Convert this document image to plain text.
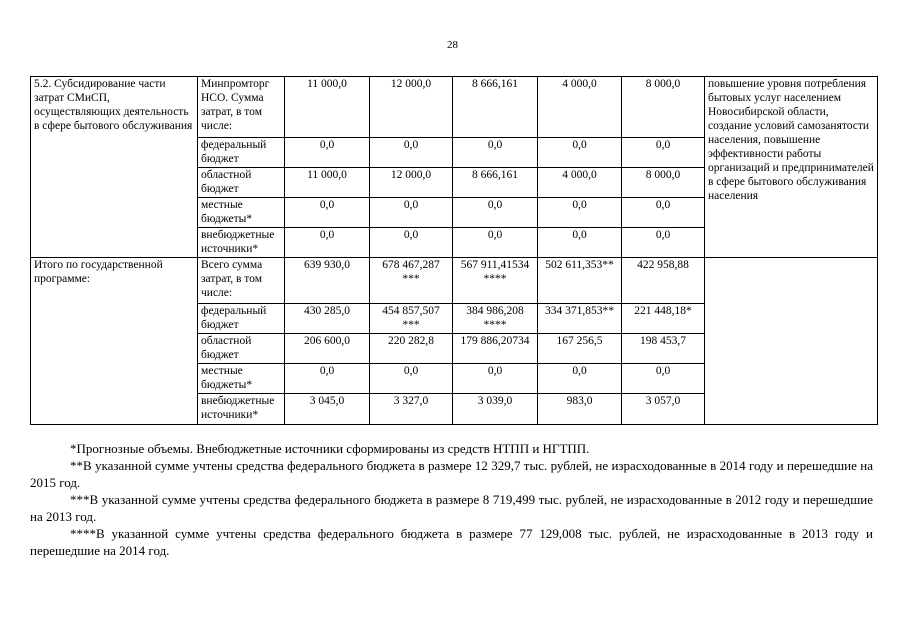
28
5.2. Субсидирование части затрат СМиСП, осуществляющих деятельность в сфере бытового обслуживания	Минпромторг НСО. Сумма затрат, в том числе:	11 000,0	12 000,0	8 666,161	4 000,0	8 000,0	повышение уровня потребления бытовых услуг населением Новосибирской области, создание условий самозанятости населения, повышение эффективности работы организаций и предпринимателей в сфере бытового обслуживания населения
	федеральный бюджет	0,0	0,0	0,0	0,0	0,0	
	областной бюджет	11 000,0	12 000,0	8 666,161	4 000,0	8 000,0	
	местные бюджеты*	0,0	0,0	0,0	0,0	0,0	
	внебюджетные источники*	0,0	0,0	0,0	0,0	0,0	
Итого по государственной программе:	Всего сумма затрат, в том числе:	639 930,0	678 467,287 ***	567 911,41534 ****	502 611,353**	422 958,88	
	федеральный бюджет	430 285,0	454 857,507 ***	384 986,208 ****	334 371,853**	221 448,18*	
	областной бюджет	206 600,0	220 282,8	179 886,20734	167 256,5	198 453,7	
	местные бюджеты*	0,0	0,0	0,0	0,0	0,0	
	внебюджетные источники*	3 045,0	3 327,0	3 039,0	983,0	3 057,0	

*Прогнозные объемы. Внебюджетные источники сформированы из средств НТПП и НГТПП.

**В указанной сумме учтены средства федерального бюджета в размере 12 329,7 тыс. рублей, не израсходованные в 2014 году и перешедшие на 2015 год.

***В указанной сумме учтены средства федерального бюджета в размере 8 719,499 тыс. рублей, не израсходованные в 2012 году и перешедшие на 2013 год.

****В указанной сумме учтены средства федерального бюджета в размере 77 129,008 тыс. рублей, не израсходованные в 2013 году и перешедшие на 2014 год.
